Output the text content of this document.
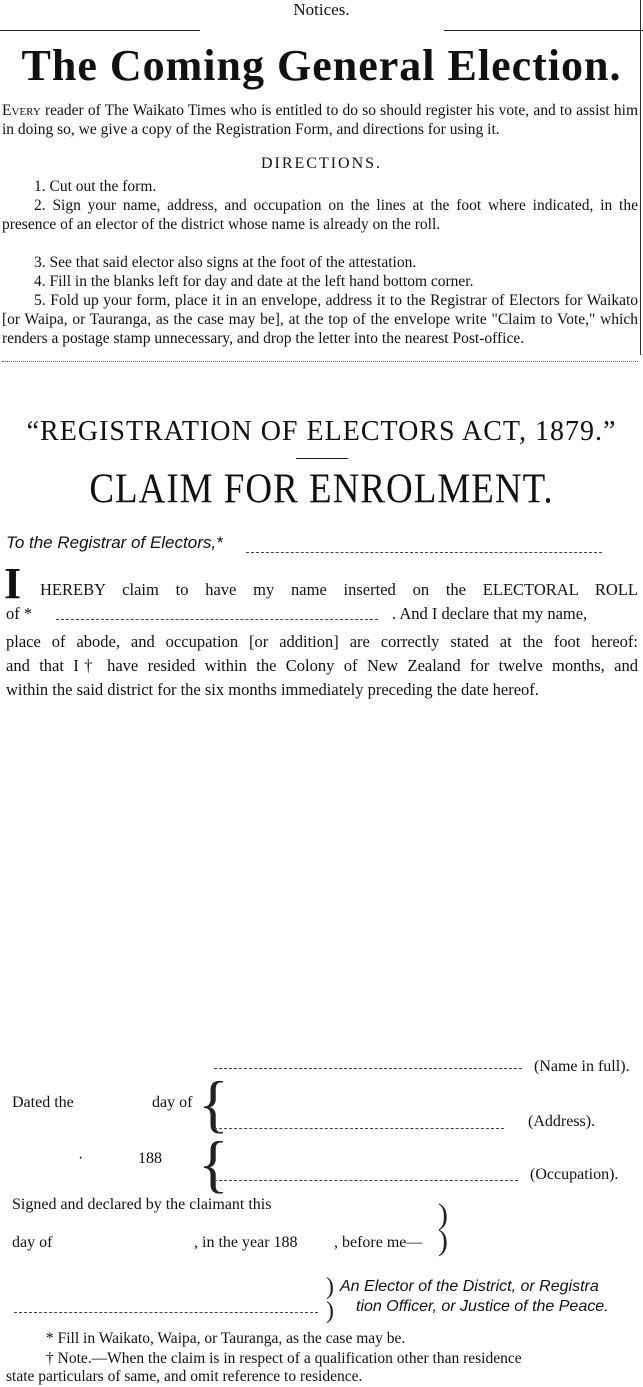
Notices.
The Coming General Election.
Every reader of The Waikato Times who is entitled to do so should register his vote, and to assist him in doing so, we give a copy of the Registration Form, and directions for using it.
DIRECTIONS.
1. Cut out the form.
2. Sign your name, address, and occupation on the lines at the foot where indicated, in the presence of an elector of the district whose name is already on the roll.
3. See that said elector also signs at the foot of the attestation.
4. Fill in the blanks left for day and date at the left hand bottom corner.
5. Fold up your form, place it in an envelope, address it to the Registrar of Electors for Waikato [or Waipa, or Tauranga, as the case may be], at the top of the envelope write "Claim to Vote," which renders a postage stamp unnecessary, and drop the letter into the nearest Post-office.
“REGISTRATION OF ELECTORS ACT, 1879.”
CLAIM FOR ENROLMENT.
To the Registrar of Electors,*
I HEREBY claim to have my name inserted on the ELECTORAL ROLL
of *	. And I declare that my name,
place of abode, and occupation [or addition] are correctly stated at the foot hereof:
and that I† have resided within the Colony of New Zealand for twelve months, and
within the said district for the six months immediately preceding the date hereof.
(Name in full).
Dated the	day of {	(Address).
188
· {	(Occupation).
Signed and declared by the claimant this
day of	, in the year 188 , before me—
)
)
)
)
An Elector of the District, or Registra
tion Officer, or Justice of the Peace.
* Fill in Waikato, Waipa, or Tauranga, as the case may be.
† Note.—When the claim is in respect of a qualification other than residence
state particulars of same, and omit reference to residence.
